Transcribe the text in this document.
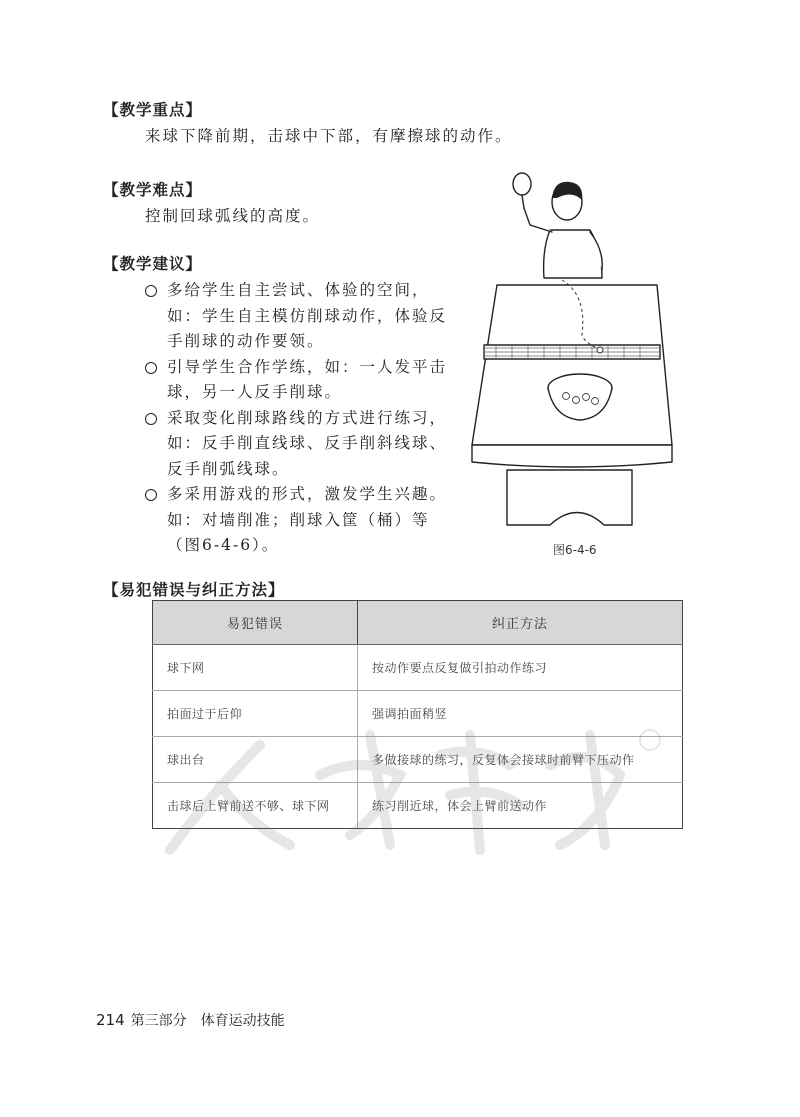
【教学重点】
来球下降前期，击球中下部，有摩擦球的动作。
【教学难点】
控制回球弧线的高度。
【教学建议】
多给学生自主尝试、体验的空间，如：学生自主模仿削球动作，体验反手削球的动作要领。
引导学生合作学练，如：一人发平击球，另一人反手削球。
采取变化削球路线的方式进行练习，如：反手削直线球、反手削斜线球、反手削弧线球。
多采用游戏的形式，激发学生兴趣。如：对墙削准；削球入筐（桶）等（图6-4-6）。	图6-4-6
【易犯错误与纠正方法】
易犯错误	纠正方法
球下网	按动作要点反复做引拍动作练习
拍面过于后仰	强调拍面稍竖
球出台	多做接球的练习，反复体会接球时前臂下压动作
击球后上臂前送不够、球下网	练习削近球，体会上臂前送动作
214 第三部分 体育运动技能
